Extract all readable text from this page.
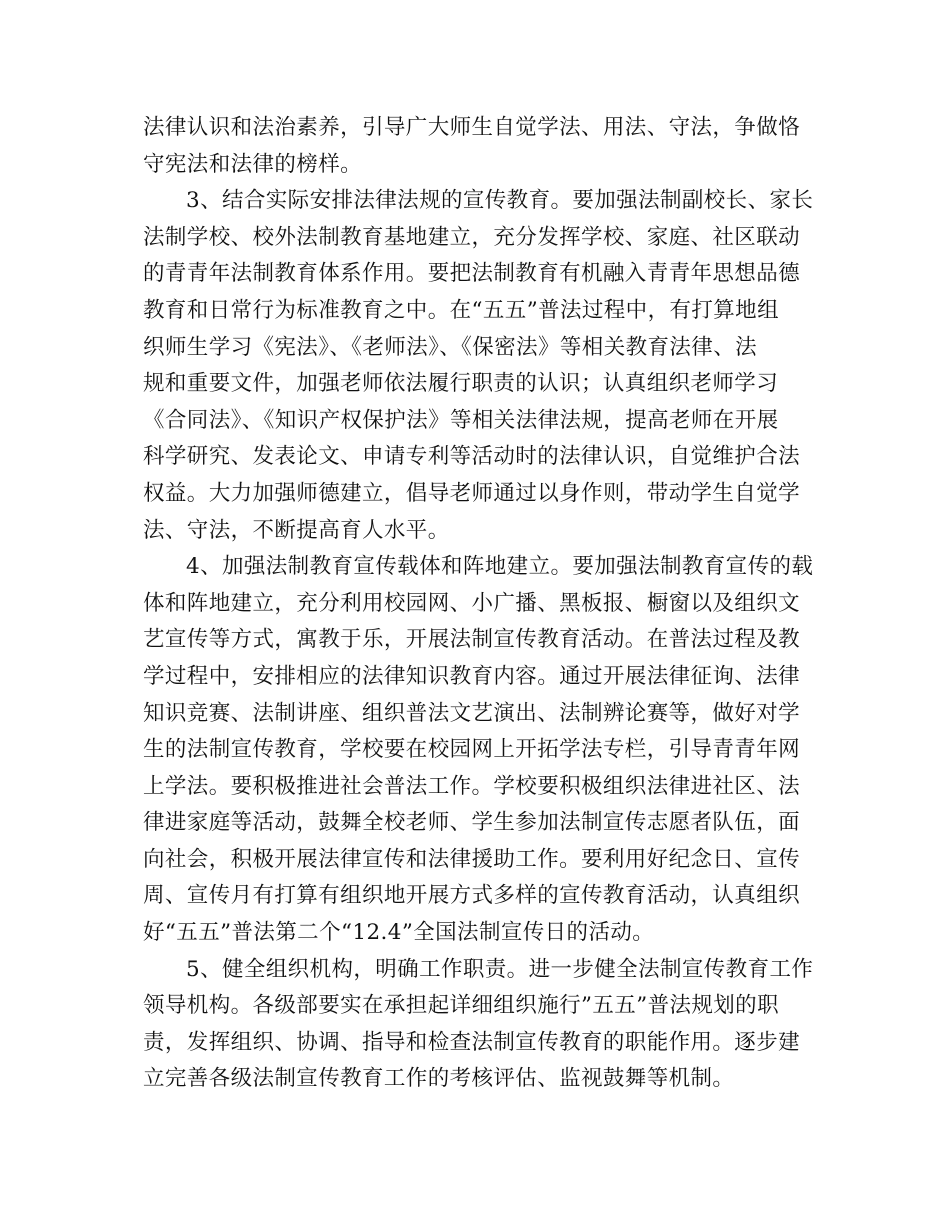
法律认识和法治素养，引导广大师生自觉学法、用法、守法，争做恪
守宪法和法律的榜样。
3、结合实际安排法律法规的宣传教育。要加强法制副校长、家长
法制学校、校外法制教育基地建立，充分发挥学校、家庭、社区联动
的青青年法制教育体系作用。要把法制教育有机融入青青年思想品德
教育和日常行为标准教育之中。在“五五”普法过程中，有打算地组
织师生学习《宪法》、《老师法》、《保密法》等相关教育法律、法
规和重要文件，加强老师依法履行职责的认识；认真组织老师学习
《合同法》、《知识产权保护法》等相关法律法规，提高老师在开展
科学研究、发表论文、申请专利等活动时的法律认识，自觉维护合法
权益。大力加强师德建立，倡导老师通过以身作则，带动学生自觉学
法、守法，不断提高育人水平。
4、加强法制教育宣传载体和阵地建立。要加强法制教育宣传的载
体和阵地建立，充分利用校园网、小广播、黑板报、橱窗以及组织文
艺宣传等方式，寓教于乐，开展法制宣传教育活动。在普法过程及教
学过程中，安排相应的法律知识教育内容。通过开展法律征询、法律
知识竞赛、法制讲座、组织普法文艺演出、法制辨论赛等，做好对学
生的法制宣传教育，学校要在校园网上开拓学法专栏，引导青青年网
上学法。要积极推进社会普法工作。学校要积极组织法律进社区、法
律进家庭等活动，鼓舞全校老师、学生参加法制宣传志愿者队伍，面
向社会，积极开展法律宣传和法律援助工作。要利用好纪念日、宣传
周、宣传月有打算有组织地开展方式多样的宣传教育活动，认真组织
好“五五”普法第二个“12.4”全国法制宣传日的活动。
5、健全组织机构，明确工作职责。进一步健全法制宣传教育工作
领导机构。各级部要实在承担起详细组织施行”五五”普法规划的职
责，发挥组织、协调、指导和检查法制宣传教育的职能作用。逐步建
立完善各级法制宣传教育工作的考核评估、监视鼓舞等机制。
